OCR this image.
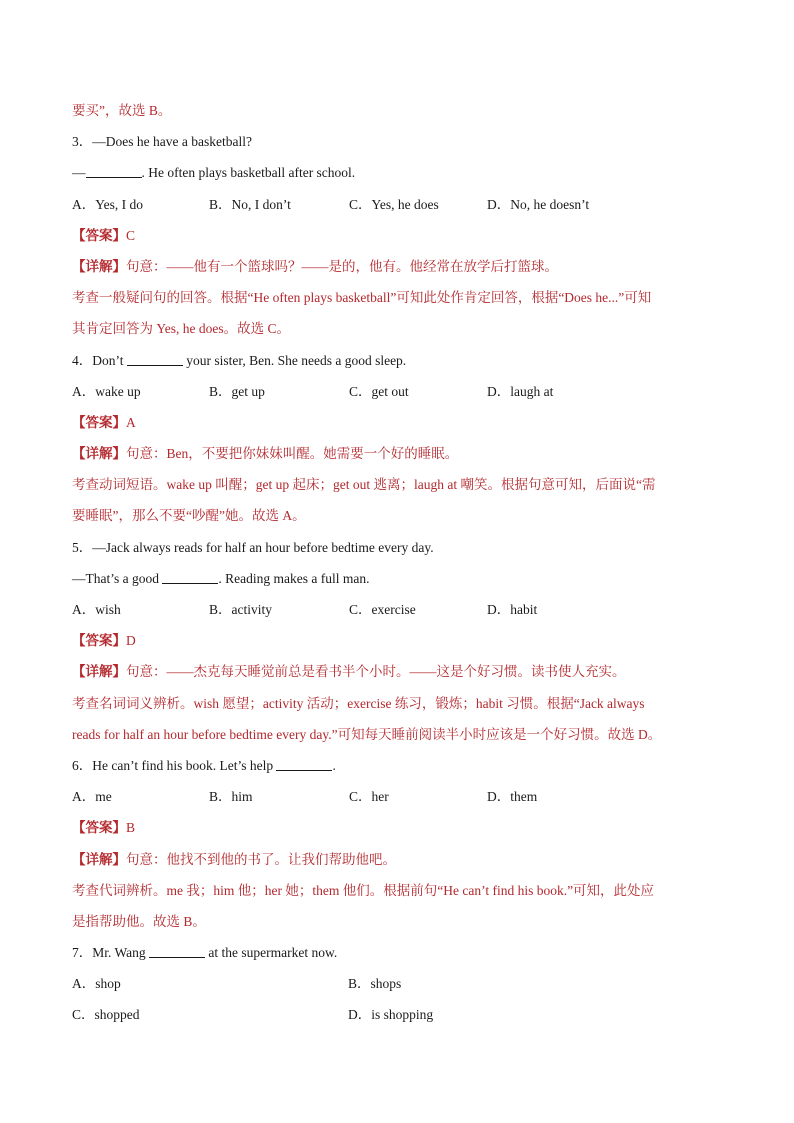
要买”，故选 B。
3．—Does he have a basketball?
—	. He often plays basketball after school.
A．Yes, I do	B．No, I don’t	C．Yes, he does	D．No, he doesn’t
【答案】C
【详解】句意：——他有一个篮球吗？——是的，他有。他经常在放学后打篮球。
考查一般疑问句的回答。根据“He often plays basketball”可知此处作肯定回答，根据“Does he...”可知
其肯定回答为 Yes, he does。故选 C。
4．Don’t	your sister, Ben. She needs a good sleep.
A．wake up	B．get up	C．get out	D．laugh at
【答案】A
【详解】句意：Ben，不要把你妹妹叫醒。她需要一个好的睡眠。
考查动词短语。wake up 叫醒；get up 起床；get out 逃离；laugh at 嘲笑。根据句意可知，后面说“需
要睡眠”，那么不要“吵醒”她。故选 A。
5．—Jack always reads for half an hour before bedtime every day.
—That’s a good	. Reading makes a full man.
A．wish	B．activity	C．exercise	D．habit
【答案】D
【详解】句意：——杰克每天睡觉前总是看书半个小时。——这是个好习惯。读书使人充实。
考查名词词义辨析。wish 愿望；activity 活动；exercise 练习，锻炼；habit 习惯。根据“Jack always
reads for half an hour before bedtime every day.”可知每天睡前阅读半小时应该是一个好习惯。故选 D。
6．He can’t find his book. Let’s help	.
A．me	B．him	C．her	D．them
【答案】B
【详解】句意：他找不到他的书了。让我们帮助他吧。
考查代词辨析。me 我；him 他；her 她；them 他们。根据前句“He can’t find his book.”可知，此处应
是指帮助他。故选 B。
7．Mr. Wang	at the supermarket now.
A．shop	B．shops
C．shopped	D．is shopping
